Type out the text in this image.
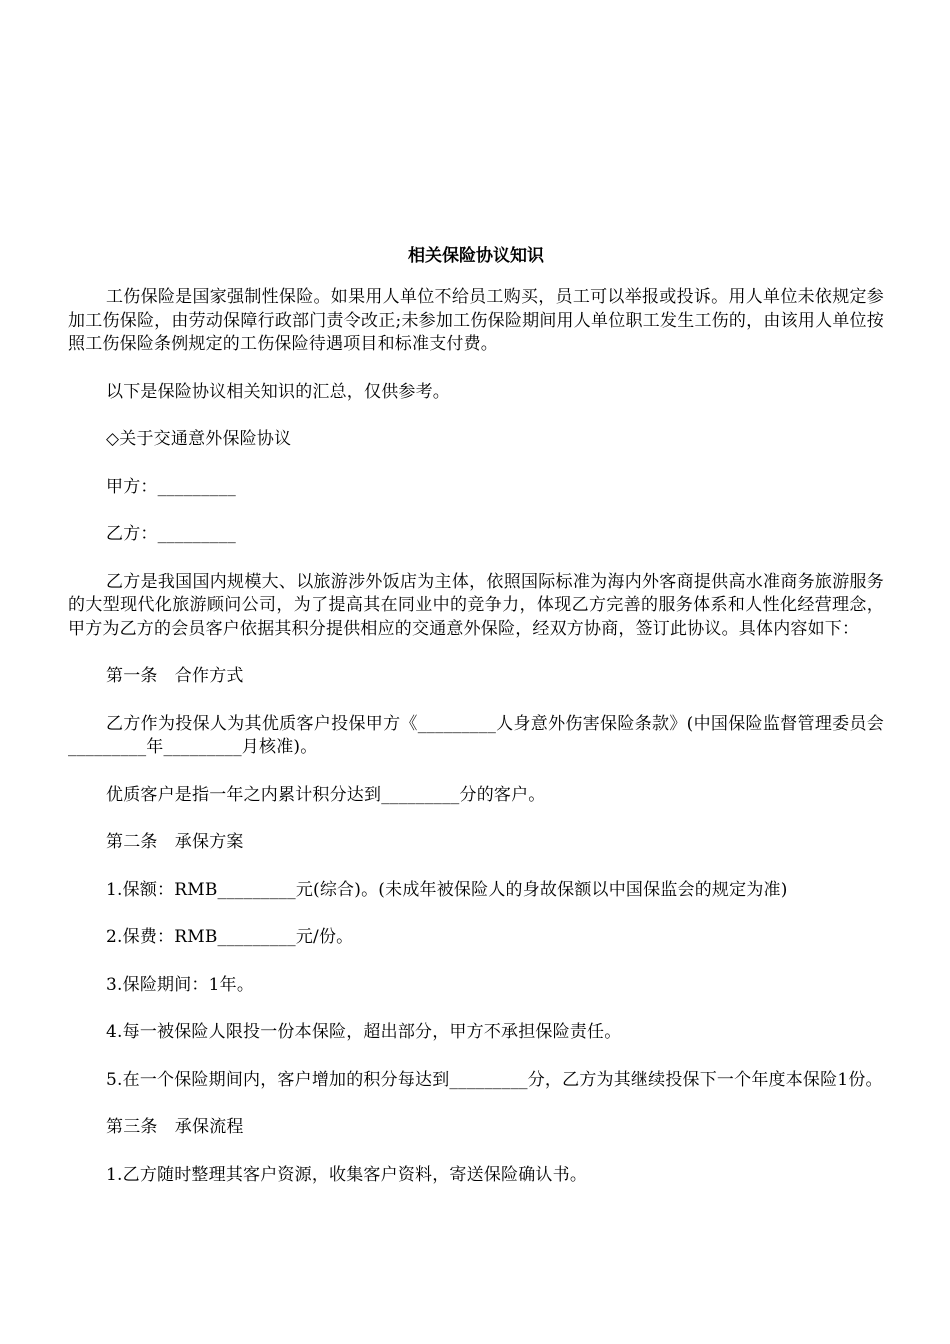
相关保险协议知识
工伤保险是国家强制性保险。如果用人单位不给员工购买，员工可以举报或投诉。用人单位未依规定参加工伤保险，由劳动保障行政部门责令改正;未参加工伤保险期间用人单位职工发生工伤的，由该用人单位按照工伤保险条例规定的工伤保险待遇项目和标准支付费。
以下是保险协议相关知识的汇总，仅供参考。
◇关于交通意外保险协议
甲方：_________
乙方：_________
乙方是我国国内规模大、以旅游涉外饭店为主体，依照国际标准为海内外客商提供高水准商务旅游服务的大型现代化旅游顾问公司，为了提高其在同业中的竞争力，体现乙方完善的服务体系和人性化经营理念，甲方为乙方的会员客户依据其积分提供相应的交通意外保险，经双方协商，签订此协议。具体内容如下：
第一条　合作方式
乙方作为投保人为其优质客户投保甲方《_________人身意外伤害保险条款》(中国保险监督管理委员会_________年_________月核准)。
优质客户是指一年之内累计积分达到_________分的客户。
第二条　承保方案
1.保额：RMB_________元(综合)。(未成年被保险人的身故保额以中国保监会的规定为准)
2.保费：RMB_________元/份。
3.保险期间：1年。
4.每一被保险人限投一份本保险，超出部分，甲方不承担保险责任。
5.在一个保险期间内，客户增加的积分每达到_________分，乙方为其继续投保下一个年度本保险1份。
第三条　承保流程
1.乙方随时整理其客户资源，收集客户资料，寄送保险确认书。
